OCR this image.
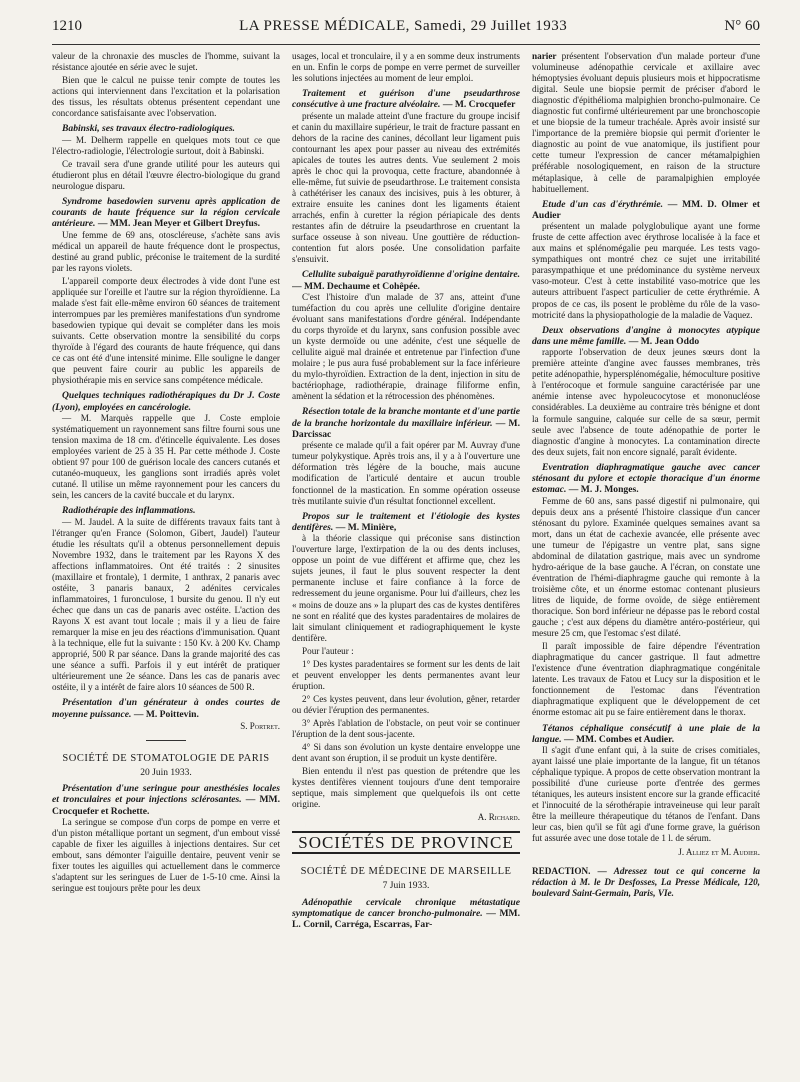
1210	LA PRESSE MÉDICALE, Samedi, 29 Juillet 1933	N° 60

valeur de la chronaxie des muscles de l'homme, suivant la résistance ajoutée en série avec le sujet.

Bien que le calcul ne puisse tenir compte de toutes les actions qui interviennent dans l'excitation et la polarisation des tissus, les résultats obtenus présentent cependant une concordance satisfaisante avec l'observation.

Babinski, ses travaux électro-radiologiques.

— M. Delherm rappelle en quelques mots tout ce que l'électro-radiologie, l'électrologie surtout, doit à Babinski.

Ce travail sera d'une grande utilité pour les auteurs qui étudieront plus en détail l'œuvre électro-biologique du grand neurologue disparu.

Syndrome basedowien survenu après application de courants de haute fréquence sur la région cervicale antérieure. — MM. Jean Meyer et Gilbert Dreyfus.

Une femme de 69 ans, otoscléreuse, s'achète sans avis médical un appareil de haute fréquence dont le prospectus, destiné au grand public, préconise le traitement de la surdité par les rayons violets.

L'appareil comporte deux électrodes à vide dont l'une est appliquée sur l'oreille et l'autre sur la région thyroïdienne. La malade s'est fait elle-même environ 60 séances de traitement interrompues par les premières manifestations d'un syndrome basedowien typique qui devait se compléter dans les mois suivants. Cette observation montre la sensibilité du corps thyroïde à l'égard des courants de haute fréquence, qui dans ce cas ont été d'une intensité minime. Elle souligne le danger que peuvent faire courir au public les appareils de physiothérapie mis en service sans compétence médicale.

Quelques techniques radiothérapiques du Dr J. Coste (Lyon), employées en cancérologie.

— M. Marquès rappelle que J. Coste emploie systématiquement un rayonnement sans filtre fourni sous une tension maxima de 18 cm. d'étincelle équivalente. Les doses employées varient de 25 à 35 H. Par cette méthode J. Coste obtient 97 pour 100 de guérison locale des cancers cutanés et cutanéo-muqueux, les ganglions sont irradiés après volet cutané. Il utilise un même rayonnement pour les cancers du sein, les cancers de la cavité buccale et du larynx.

Radiothérapie des inflammations.

— M. Jaudel. A la suite de différents travaux faits tant à l'étranger qu'en France (Solomon, Gibert, Jaudel) l'auteur étudie les résultats qu'il a obtenus personnellement depuis Novembre 1932, dans le traitement par les Rayons X des affections inflammatoires. Ont été traités : 2 sinusites (maxillaire et frontale), 1 dermite, 1 anthrax, 2 panaris avec ostéite, 3 panaris banaux, 2 adénites cervicales inflammatoires, 1 furonculose, 1 bursite du genou. Il n'y eut échec que dans un cas de panaris avec ostéite. L'action des Rayons X est avant tout locale ; mais il y a lieu de faire remarquer la mise en jeu des réactions d'immunisation. Quant à la technique, elle fut la suivante : 150 Kv. à 200 Kv. Champ approprié, 500 R par séance. Dans la grande majorité des cas une séance a suffi. Parfois il y eut intérêt de pratiquer ultérieurement une 2e séance. Dans les cas de panaris avec ostéite, il y a intérêt de faire alors 10 séances de 500 R.

Présentation d'un générateur à ondes courtes de moyenne puissance. — M. Poittevin.
S. Portret.
SOCIÉTÉ DE STOMATOLOGIE DE PARIS
20 Juin 1933.
Présentation d'une seringue pour anesthésies locales et tronculaires et pour injections sclérosantes. — MM. Crocquefer et Rochette.

La seringue se compose d'un corps de pompe en verre et d'un piston métallique portant un segment, d'un embout vissé capable de fixer les aiguilles à injections dentaires. Sur cet embout, sans démonter l'aiguille dentaire, peuvent venir se fixer toutes les aiguilles qui actuellement dans le commerce s'adaptent sur les seringues de Luer de 1-5-10 cme. Ainsi la seringue est toujours prête pour les deux

usages, local et tronculaire, il y a en somme deux instruments en un. Enfin le corps de pompe en verre permet de surveiller les solutions injectées au moment de leur emploi.

Traitement et guérison d'une pseudarthrose consécutive à une fracture alvéolaire. — M. Crocquefer

présente un malade atteint d'une fracture du groupe incisif et canin du maxillaire supérieur, le trait de fracture passant en dehors de la racine des canines, décollant leur ligament puis contournant les apex pour passer au niveau des extrémités apicales de toutes les autres dents. Vue seulement 2 mois après le choc qui la provoqua, cette fracture, abandonnée à elle-même, fut suivie de pseudarthrose. Le traitement consista à cathétériser les canaux des incisives, puis à les obturer, à extraire ensuite les canines dont les ligaments étaient arrachés, enfin à curetter la région périapicale des dents restantes afin de détruire la pseudarthrose en cruentant la surface osseuse à son niveau. Une gouttière de réduction-contention fut alors posée. Une consolidation parfaite s'ensuivit.

Cellulite subaiguë parathyroïdienne d'origine dentaire. — MM. Dechaume et Cohêpée.

C'est l'histoire d'un malade de 37 ans, atteint d'une tuméfaction du cou après une cellulite d'origine dentaire évoluant sans manifestations d'ordre général. Indépendante du corps thyroïde et du larynx, sans confusion possible avec un kyste dermoïde ou une adénite, c'est une séquelle de cellulite aiguë mal drainée et entretenue par l'infection d'une molaire ; le pus aura fusé probablement sur la face inférieure du mylo-thyroïdien. Extraction de la dent, injection in situ de bactériophage, radiothérapie, drainage filiforme enfin, amènent la sédation et la rétrocession des phénomènes.

Résection totale de la branche montante et d'une partie de la branche horizontale du maxillaire inférieur. — M. Darcissac

présente ce malade qu'il a fait opérer par M. Auvray d'une tumeur polykystique. Après trois ans, il y a à l'ouverture une déformation très légère de la bouche, mais aucune modification de l'articulé dentaire et aucun trouble fonctionnel de la mastication. En somme opération osseuse très mutilante suivie d'un résultat fonctionnel excellent.

Propos sur le traitement et l'étiologie des kystes dentifères. — M. Minière,

à la théorie classique qui préconise sans distinction l'ouverture large, l'extirpation de la ou des dents incluses, oppose un point de vue différent et affirme que, chez les sujets jeunes, il faut le plus souvent respecter la dent permanente incluse et faire confiance à la force de redressement du jeune organisme. Pour lui d'ailleurs, chez les « moins de douze ans » la plupart des cas de kystes dentifères ne sont en réalité que des kystes paradentaires de molaires de lait simulant cliniquement et radiographiquement le kyste dentifère.

Pour l'auteur :

1° Des kystes paradentaires se forment sur les dents de lait et peuvent envelopper les dents permanentes avant leur éruption.

2° Ces kystes peuvent, dans leur évolution, gêner, retarder ou dévier l'éruption des permanentes.

3° Après l'ablation de l'obstacle, on peut voir se continuer l'éruption de la dent sous-jacente.

4° Si dans son évolution un kyste dentaire enveloppe une dent avant son éruption, il se produit un kyste dentifère.

Bien entendu il n'est pas question de prétendre que les kystes dentifères viennent toujours d'une dent temporaire septique, mais simplement que quelquefois ils ont cette origine.

A. Richard.
SOCIÉTÉS DE PROVINCE
SOCIÉTÉ DE MÉDECINE DE MARSEILLE
7 Juin 1933.
Adénopathie cervicale chronique métastatique symptomatique de cancer broncho-pulmonaire. — MM. L. Cornil, Carréga, Escarras, Far-

narier présentent l'observation d'un malade porteur d'une volumineuse adénopathie cervicale et axillaire avec hémoptysies évoluant depuis plusieurs mois et hippocratisme digital. Seule une biopsie permit de préciser d'abord le diagnostic d'épithélioma malpighien broncho-pulmonaire. Ce diagnostic fut confirmé ultérieurement par une bronchoscopie et une biopsie de la tumeur trachéale. Après avoir insisté sur l'importance de la première biopsie qui permit d'orienter le diagnostic au point de vue anatomique, ils justifient pour cette tumeur l'expression de cancer métamalpighien préférable nosologiquement, en raison de la structure métaplasique, à celle de paramalpighien employée habituellement.

Etude d'un cas d'érythrémie. — MM. D. Olmer et Audier

présentent un malade polyglobulique ayant une forme fruste de cette affection avec érythrose localisée à la face et aux mains et splénomégalie peu marquée. Les tests vago-sympathiques ont montré chez ce sujet une irritabilité parasympathique et une prédominance du système nerveux vaso-moteur. C'est à cette instabilité vaso-motrice que les auteurs attribuent l'aspect particulier de cette érythrémie. A propos de ce cas, ils posent le problème du rôle de la vaso-motricité dans la physiopathologie de la maladie de Vaquez.

Deux observations d'angine à monocytes atypique dans une même famille. — M. Jean Oddo

rapporte l'observation de deux jeunes sœurs dont la première atteinte d'angine avec fausses membranes, très petite adénopathie, hypersplénomégalie, hémoculture positive à l'entérocoque et formule sanguine caractérisée par une anémie intense avec hypoleucocytose et mononucléose considérables. La deuxième au contraire très bénigne et dont la formule sanguine, calquée sur celle de sa sœur, permit seule avec l'absence de toute adénopathie de porter le diagnostic d'angine à monocytes. La contamination directe des deux sujets, fait non encore signalé, paraît évidente.

Eventration diaphragmatique gauche avec cancer sténosant du pylore et ectopie thoracique d'un énorme estomac. — M. J. Monges.

Femme de 60 ans, sans passé digestif ni pulmonaire, qui depuis deux ans a présenté l'histoire classique d'un cancer sténosant du pylore. Examinée quelques semaines avant sa mort, dans un état de cachexie avancée, elle présente avec une tumeur de l'épigastre un ventre plat, sans signe abdominal de dilatation gastrique, mais avec un syndrome hydro-aérique de la base gauche. A l'écran, on constate une éventration de l'hémi-diaphragme gauche qui remonte à la troisième côte, et un énorme estomac contenant plusieurs litres de liquide, de forme ovoïde, de siège entièrement thoracique. Son bord inférieur ne dépasse pas le rebord costal gauche ; c'est aux dépens du diamètre antéro-postérieur, qui mesure 25 cm, que l'estomac s'est dilaté.

Il paraît impossible de faire dépendre l'éventration diaphragmatique du cancer gastrique. Il faut admettre l'existence d'une éventration diaphragmatique congénitale latente. Les travaux de Fatou et Lucy sur la disposition et le fonctionnement de l'estomac dans l'éventration diaphragmatique expliquent que le développement de cet énorme estomac ait pu se faire entièrement dans le thorax.

Tétanos céphalique consécutif à une plaie de la langue. — MM. Combes et Audier.

Il s'agit d'une enfant qui, à la suite de crises comitiales, ayant laissé une plaie importante de la langue, fit un tétanos céphalique typique. A propos de cette observation montrant la possibilité d'une curieuse porte d'entrée des germes tétaniques, les auteurs insistent encore sur la grande efficacité et l'innocuité de la sérothérapie intraveineuse qui leur paraît être la meilleure thérapeutique du tétanos de l'enfant. Dans leur cas, bien qu'il se fût agi d'une forme grave, la guérison fut assurée avec une dose totale de 1 l. de sérum.

J. Alliez et M. Audier.
REDACTION. — Adressez tout ce qui concerne la rédaction à M. le Dr Desfosses, La Presse Médicale, 120, boulevard Saint-Germain, Paris, VIe.
